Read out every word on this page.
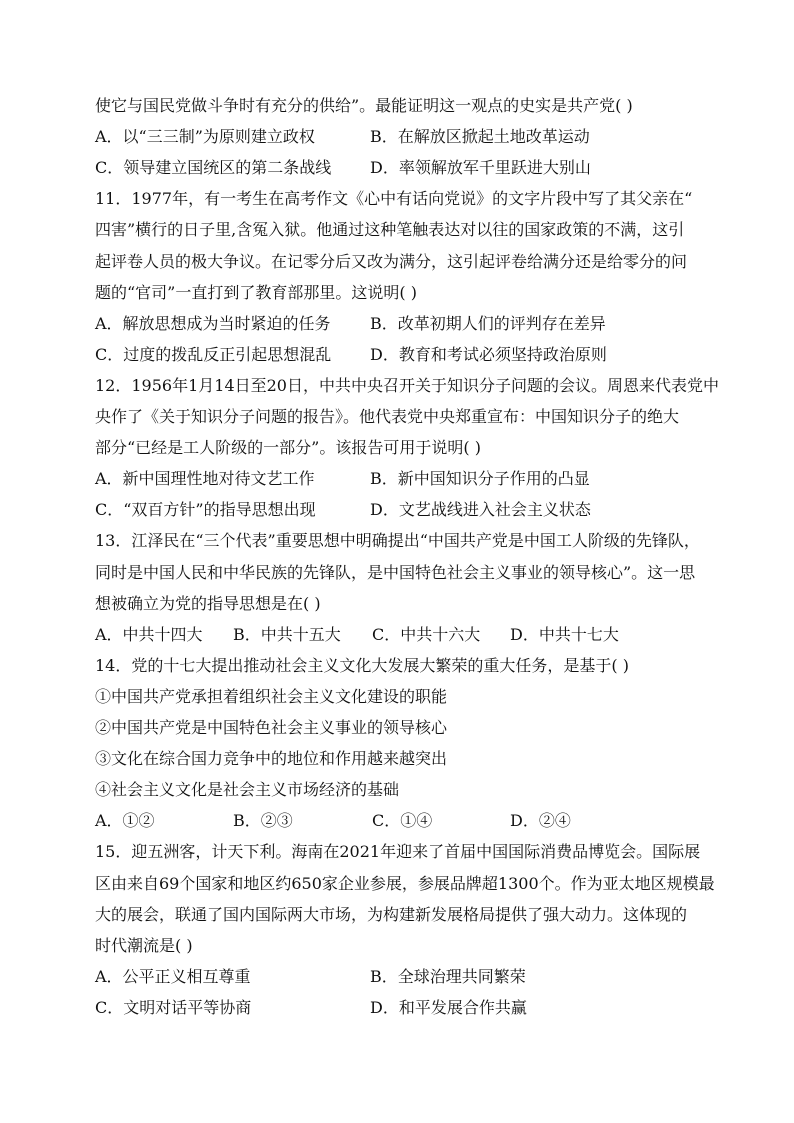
使它与国民党做斗争时有充分的供给”。最能证明这一观点的史实是共产党( )
A．以“三三制”为原则建立政权	B．在解放区掀起土地改革运动
C．领导建立国统区的第二条战线 D．率领解放军千里跃进大别山
11．1977年，有一考生在高考作文《心中有话向党说》的文字片段中写了其父亲在“
四害”横行的日子里,含冤入狱。他通过这种笔触表达对以往的国家政策的不满，这引
起评卷人员的极大争议。在记零分后又改为满分，这引起评卷给满分还是给零分的问
题的“官司”一直打到了教育部那里。这说明( )
A．解放思想成为当时紧迫的任务 B．改革初期人们的评判存在差异
C．过度的拨乱反正引起思想混乱 D．教育和考试必须坚持政治原则
12．1956年1月14日至20日，中共中央召开关于知识分子问题的会议。周恩来代表党中
央作了《关于知识分子问题的报告》。他代表党中央郑重宣布：中国知识分子的绝大
部分“已经是工人阶级的一部分”。该报告可用于说明( )
A．新中国理性地对待文艺工作	B．新中国知识分子作用的凸显
C．“双百方针”的指导思想出现	D．文艺战线进入社会主义状态
13．江泽民在“三个代表”重要思想中明确提出“中国共产党是中国工人阶级的先锋队，
同时是中国人民和中华民族的先锋队，是中国特色社会主义事业的领导核心”。这一思
想被确立为党的指导思想是在( )
A．中共十四大 B．中共十五大 C．中共十六大 D．中共十七大
14．党的十七大提出推动社会主义文化大发展大繁荣的重大任务，是基于( )
①中国共产党承担着组织社会主义文化建设的职能
②中国共产党是中国特色社会主义事业的领导核心
③文化在综合国力竞争中的地位和作用越来越突出
④社会主义文化是社会主义市场经济的基础
A．①②	B．②③	C．①④	D．②④
15．迎五洲客，计天下利。海南在2021年迎来了首届中国国际消费品博览会。国际展
区由来自69个国家和地区约650家企业参展，参展品牌超1300个。作为亚太地区规模最
大的展会，联通了国内国际两大市场，为构建新发展格局提供了强大动力。这体现的
时代潮流是( )
A．公平正义相互尊重	B．全球治理共同繁荣
C．文明对话平等协商	D．和平发展合作共赢
